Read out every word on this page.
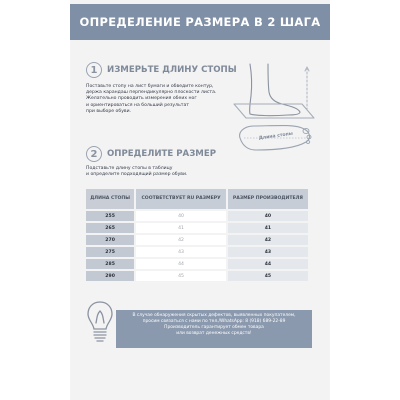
ОПРЕДЕЛЕНИЕ РАЗМЕРА В 2 ШАГА
1	ИЗМЕРЬТЕ ДЛИНУ СТОПЫ
Поставьте стопу на лист бумаги и обведите контур,
держа карандаш перпендикулярно плоскости листа.
Желательно проводить измерения обеих ног
и ориентироваться на больший результат
при выборе обуви.
Длина стопы
2	ОПРЕДЕЛИТЕ РАЗМЕР
Подставьте длину стопы в таблицу
и определите подходящий размер обуви.
ДЛИНА СТОПЫ	СООТВЕТСТВУЕТ RU РАЗМЕРУ	РАЗМЕР ПРОИЗВОДИТЕЛЯ
255	40	40
265	41	41
270	42	42
275	43	43
285	44	44
290	45	45
В случае обнаружения скрытых дефектов, выявленных покупателем,
просим связаться с нами по тел./WhatsApp: 8 (918) 689-22-89
Производитель гарантирует обмен товара
или возврат денежных средств!
